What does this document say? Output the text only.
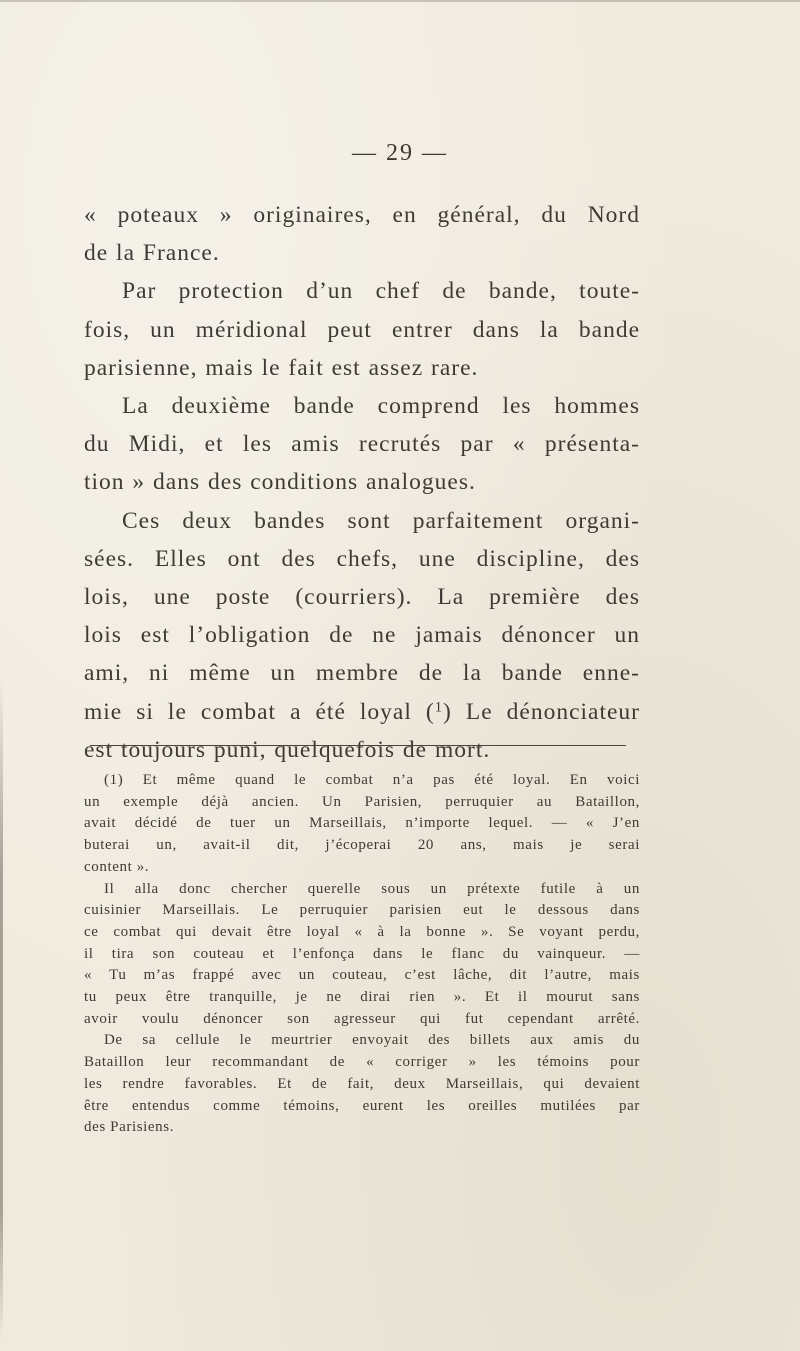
— 29 —
« poteaux » originaires, en général, du Nord
de la France.
Par protection d’un chef de bande, toute-
fois, un méridional peut entrer dans la bande
parisienne, mais le fait est assez rare.
La deuxième bande comprend les hommes
du Midi, et les amis recrutés par « présenta-
tion » dans des conditions analogues.
Ces deux bandes sont parfaitement organi-
sées. Elles ont des chefs, une discipline, des
lois, une poste (courriers). La première des
lois est l’obligation de ne jamais dénoncer un
ami, ni même un membre de la bande enne-
mie si le combat a été loyal ($^1$) Le dénonciateur
est toujours puni, quelquefois de mort.
(1) Et même quand le combat n’a pas été loyal. En voici
un exemple déjà ancien. Un Parisien, perruquier au Bataillon,
avait décidé de tuer un Marseillais, n’importe lequel. — « J’en
buterai un, avait-il dit, j’écoperai 20 ans, mais je serai
content ».
Il alla donc chercher querelle sous un prétexte futile à un
cuisinier Marseillais. Le perruquier parisien eut le dessous dans
ce combat qui devait être loyal « à la bonne ». Se voyant perdu,
il tira son couteau et l’enfonça dans le flanc du vainqueur. —
« Tu m’as frappé avec un couteau, c’est lâche, dit l’autre, mais
tu peux être tranquille, je ne dirai rien ». Et il mourut sans
avoir voulu dénoncer son agresseur qui fut cependant arrêté.
De sa cellule le meurtrier envoyait des billets aux amis du
Bataillon leur recommandant de « corriger » les témoins pour
les rendre favorables. Et de fait, deux Marseillais, qui devaient
être entendus comme témoins, eurent les oreilles mutilées par
des Parisiens.
